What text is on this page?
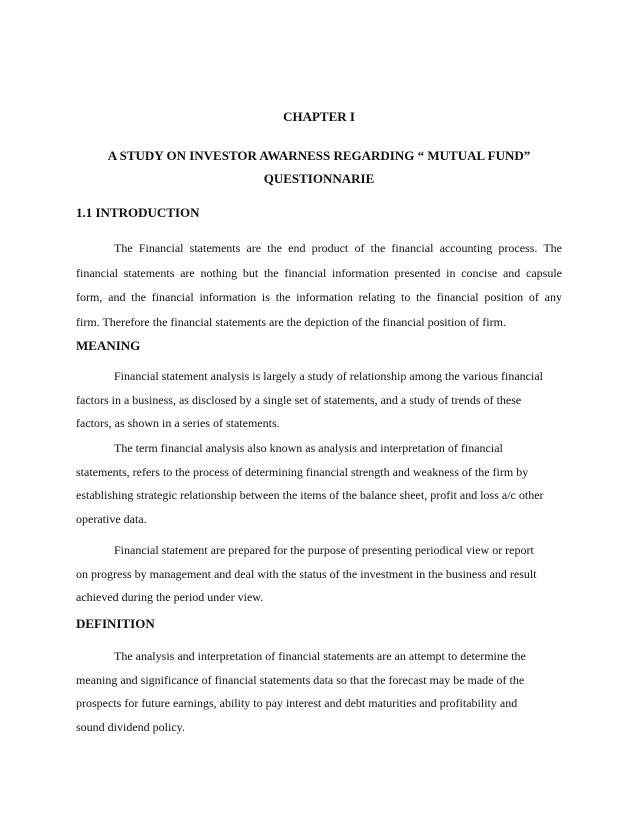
CHAPTER I
A STUDY ON INVESTOR AWARNESS REGARDING “ MUTUAL FUND”
QUESTIONNARIE
1.1 INTRODUCTION
The Financial statements are the end product of the financial accounting process. The
financial statements are nothing but the financial information presented in concise and capsule
form, and the financial information is the information relating to the financial position of any
firm. Therefore the financial statements are the depiction of the financial position of firm.
MEANING
Financial statement analysis is largely a study of relationship among the various financial
factors in a business, as disclosed by a single set of statements, and a study of trends of these
factors, as shown in a series of statements.
The term financial analysis also known as analysis and interpretation of financial
statements, refers to the process of determining financial strength and weakness of the firm by
establishing strategic relationship between the items of the balance sheet, profit and loss a/c other
operative data.
Financial statement are prepared for the purpose of presenting periodical view or report
on progress by management and deal with the status of the investment in the business and result
achieved during the period under view.
DEFINITION
The analysis and interpretation of financial statements are an attempt to determine the
meaning and significance of financial statements data so that the forecast may be made of the
prospects for future earnings, ability to pay interest and debt maturities and profitability and
sound dividend policy.
